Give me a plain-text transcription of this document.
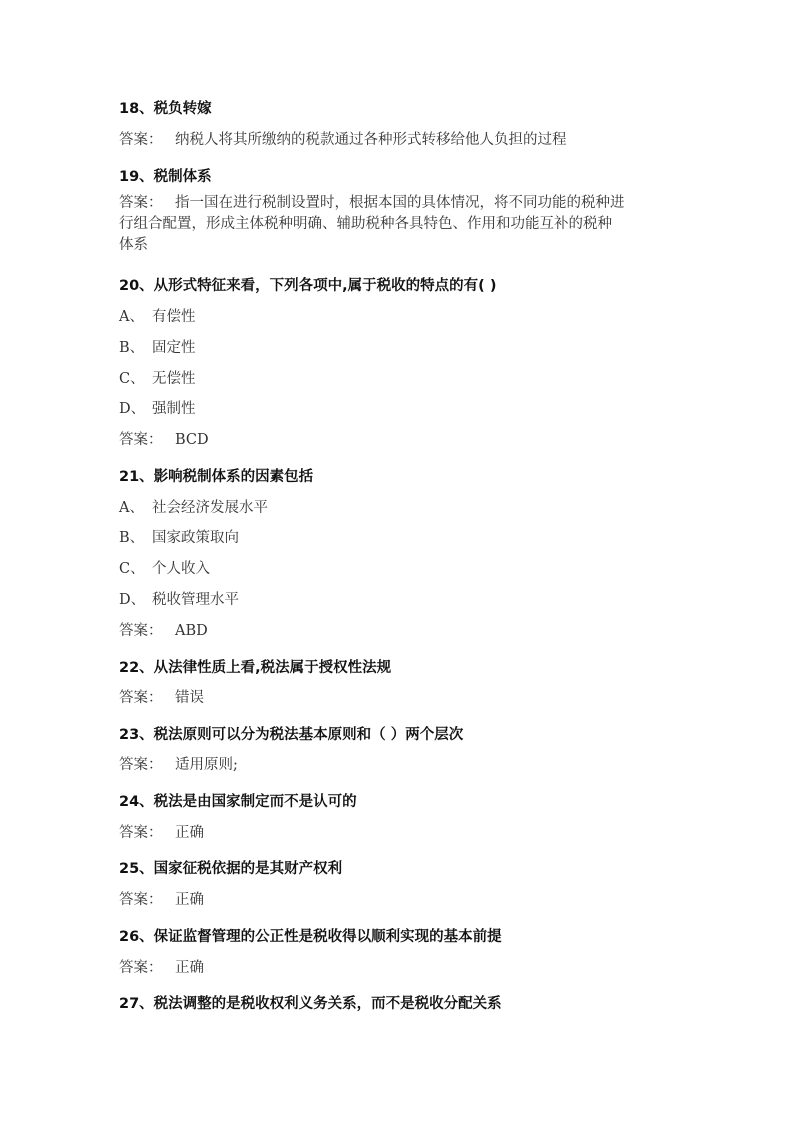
18、税负转嫁
答案： 纳税人将其所缴纳的税款通过各种形式转移给他人负担的过程
19、税制体系
答案： 指一国在进行税制设置时，根据本国的具体情况，将不同功能的税种进
行组合配置，形成主体税种明确、辅助税种各具特色、作用和功能互补的税种
体系
20、从形式特征来看，下列各项中,属于税收的特点的有( )
A、 有偿性
B、 固定性
C、 无偿性
D、 强制性
答案： BCD
21、影响税制体系的因素包括
A、 社会经济发展水平
B、 国家政策取向
C、 个人收入
D、 税收管理水平
答案： ABD
22、从法律性质上看,税法属于授权性法规
答案： 错误
23、税法原则可以分为税法基本原则和（ ）两个层次
答案： 适用原则;
24、税法是由国家制定而不是认可的
答案： 正确
25、国家征税依据的是其财产权利
答案： 正确
26、保证监督管理的公正性是税收得以顺利实现的基本前提
答案： 正确
27、税法调整的是税收权利义务关系，而不是税收分配关系
